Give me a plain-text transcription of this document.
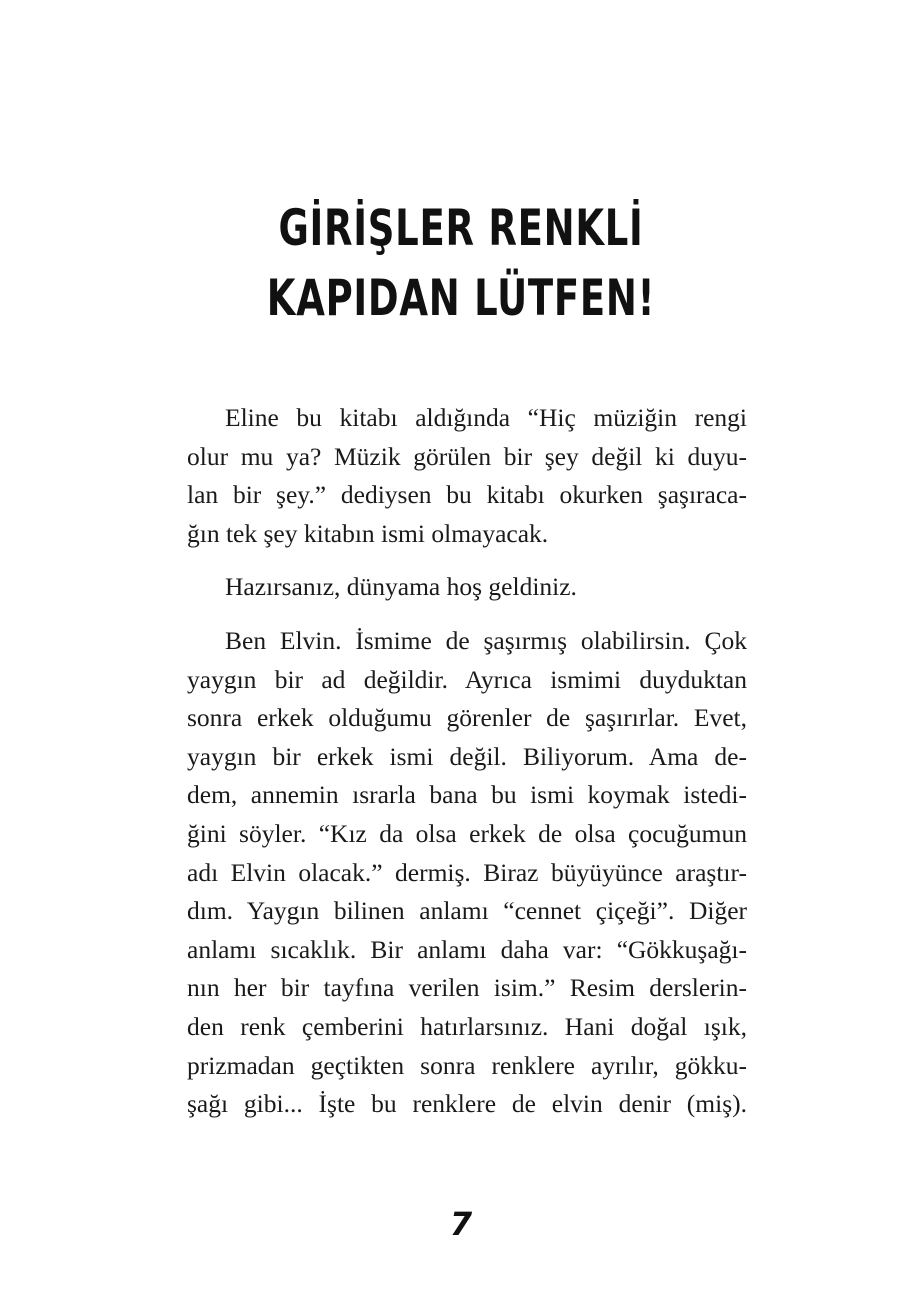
GİRİŞLER RENKLİ
KAPIDAN LÜTFEN!
Eline bu kitabı aldığında “Hiç müziğin rengi
olur mu ya? Müzik görülen bir şey değil ki duyu-
lan bir şey.” dediysen bu kitabı okurken şaşıraca-
ğın tek şey kitabın ismi olmayacak.
Hazırsanız, dünyama hoş geldiniz.
Ben Elvin. İsmime de şaşırmış olabilirsin. Çok
yaygın bir ad değildir. Ayrıca ismimi duyduktan
sonra erkek olduğumu görenler de şaşırırlar. Evet,
yaygın bir erkek ismi değil. Biliyorum. Ama de-
dem, annemin ısrarla bana bu ismi koymak istedi-
ğini söyler. “Kız da olsa erkek de olsa çocuğumun
adı Elvin olacak.” dermiş. Biraz büyüyünce araştır-
dım. Yaygın bilinen anlamı “cennet çiçeği”. Diğer
anlamı sıcaklık. Bir anlamı daha var: “Gökkuşağı-
nın her bir tayfına verilen isim.” Resim derslerin-
den renk çemberini hatırlarsınız. Hani doğal ışık,
prizmadan geçtikten sonra renklere ayrılır, gökku-
şağı gibi... İşte bu renklere de elvin denir (miş).
7
